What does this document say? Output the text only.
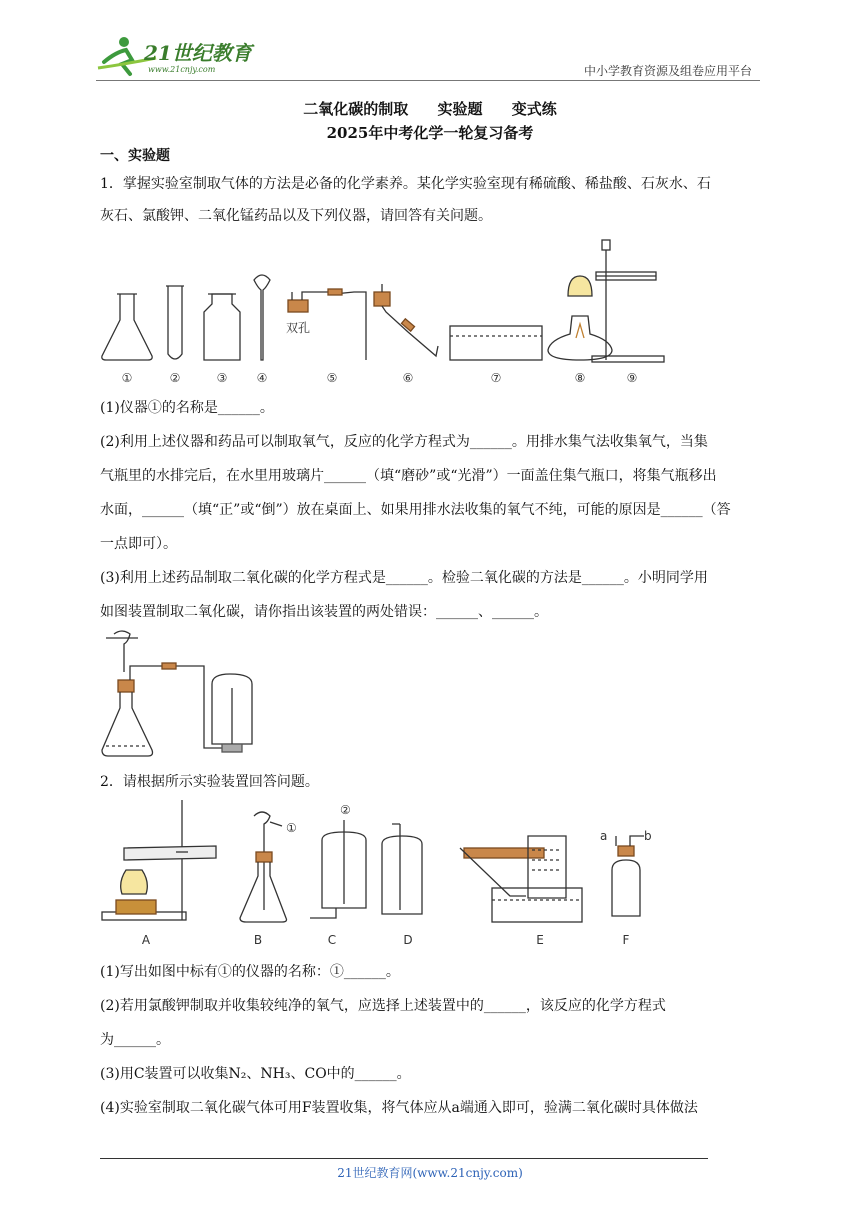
21世纪教育
www.21cnjy.com	中小学教育资源及组卷应用平台
二氧化碳的制取 实验题 变式练
2025年中考化学一轮复习备考
一、实验题
1．掌握实验室制取气体的方法是必备的化学素养。某化学实验室现有稀硫酸、稀盐酸、石灰水、石
灰石、氯酸钾、二氧化锰药品以及下列仪器，请回答有关问题。
双孔
①	②	③ ④	⑤	⑥	⑦	⑧	⑨
(1)仪器①的名称是______。
(2)利用上述仪器和药品可以制取氧气，反应的化学方程式为______。用排水集气法收集氧气，当集
气瓶里的水排完后，在水里用玻璃片______（填“磨砂”或“光滑”）一面盖住集气瓶口，将集气瓶移出
水面，______（填“正”或“倒”）放在桌面上、如果用排水法收集的氧气不纯，可能的原因是______（答
一点即可）。
(3)利用上述药品制取二氧化碳的化学方程式是______。检验二氧化碳的方法是______。小明同学用
如图装置制取二氧化碳，请你指出该装置的两处错误：______、______。
2．请根据所示实验装置回答问题。
①
②
a	b
A	B	C	D	E	F
(1)写出如图中标有①的仪器的名称：①______。
(2)若用氯酸钾制取并收集较纯净的氧气，应选择上述装置中的______，该反应的化学方程式
为______。
(3)用C装置可以收集N₂、NH₃、CO中的______。
(4)实验室制取二氧化碳气体可用F装置收集，将气体应从a端通入即可，验满二氧化碳时具体做法
21世纪教育网(www.21cnjy.com)
